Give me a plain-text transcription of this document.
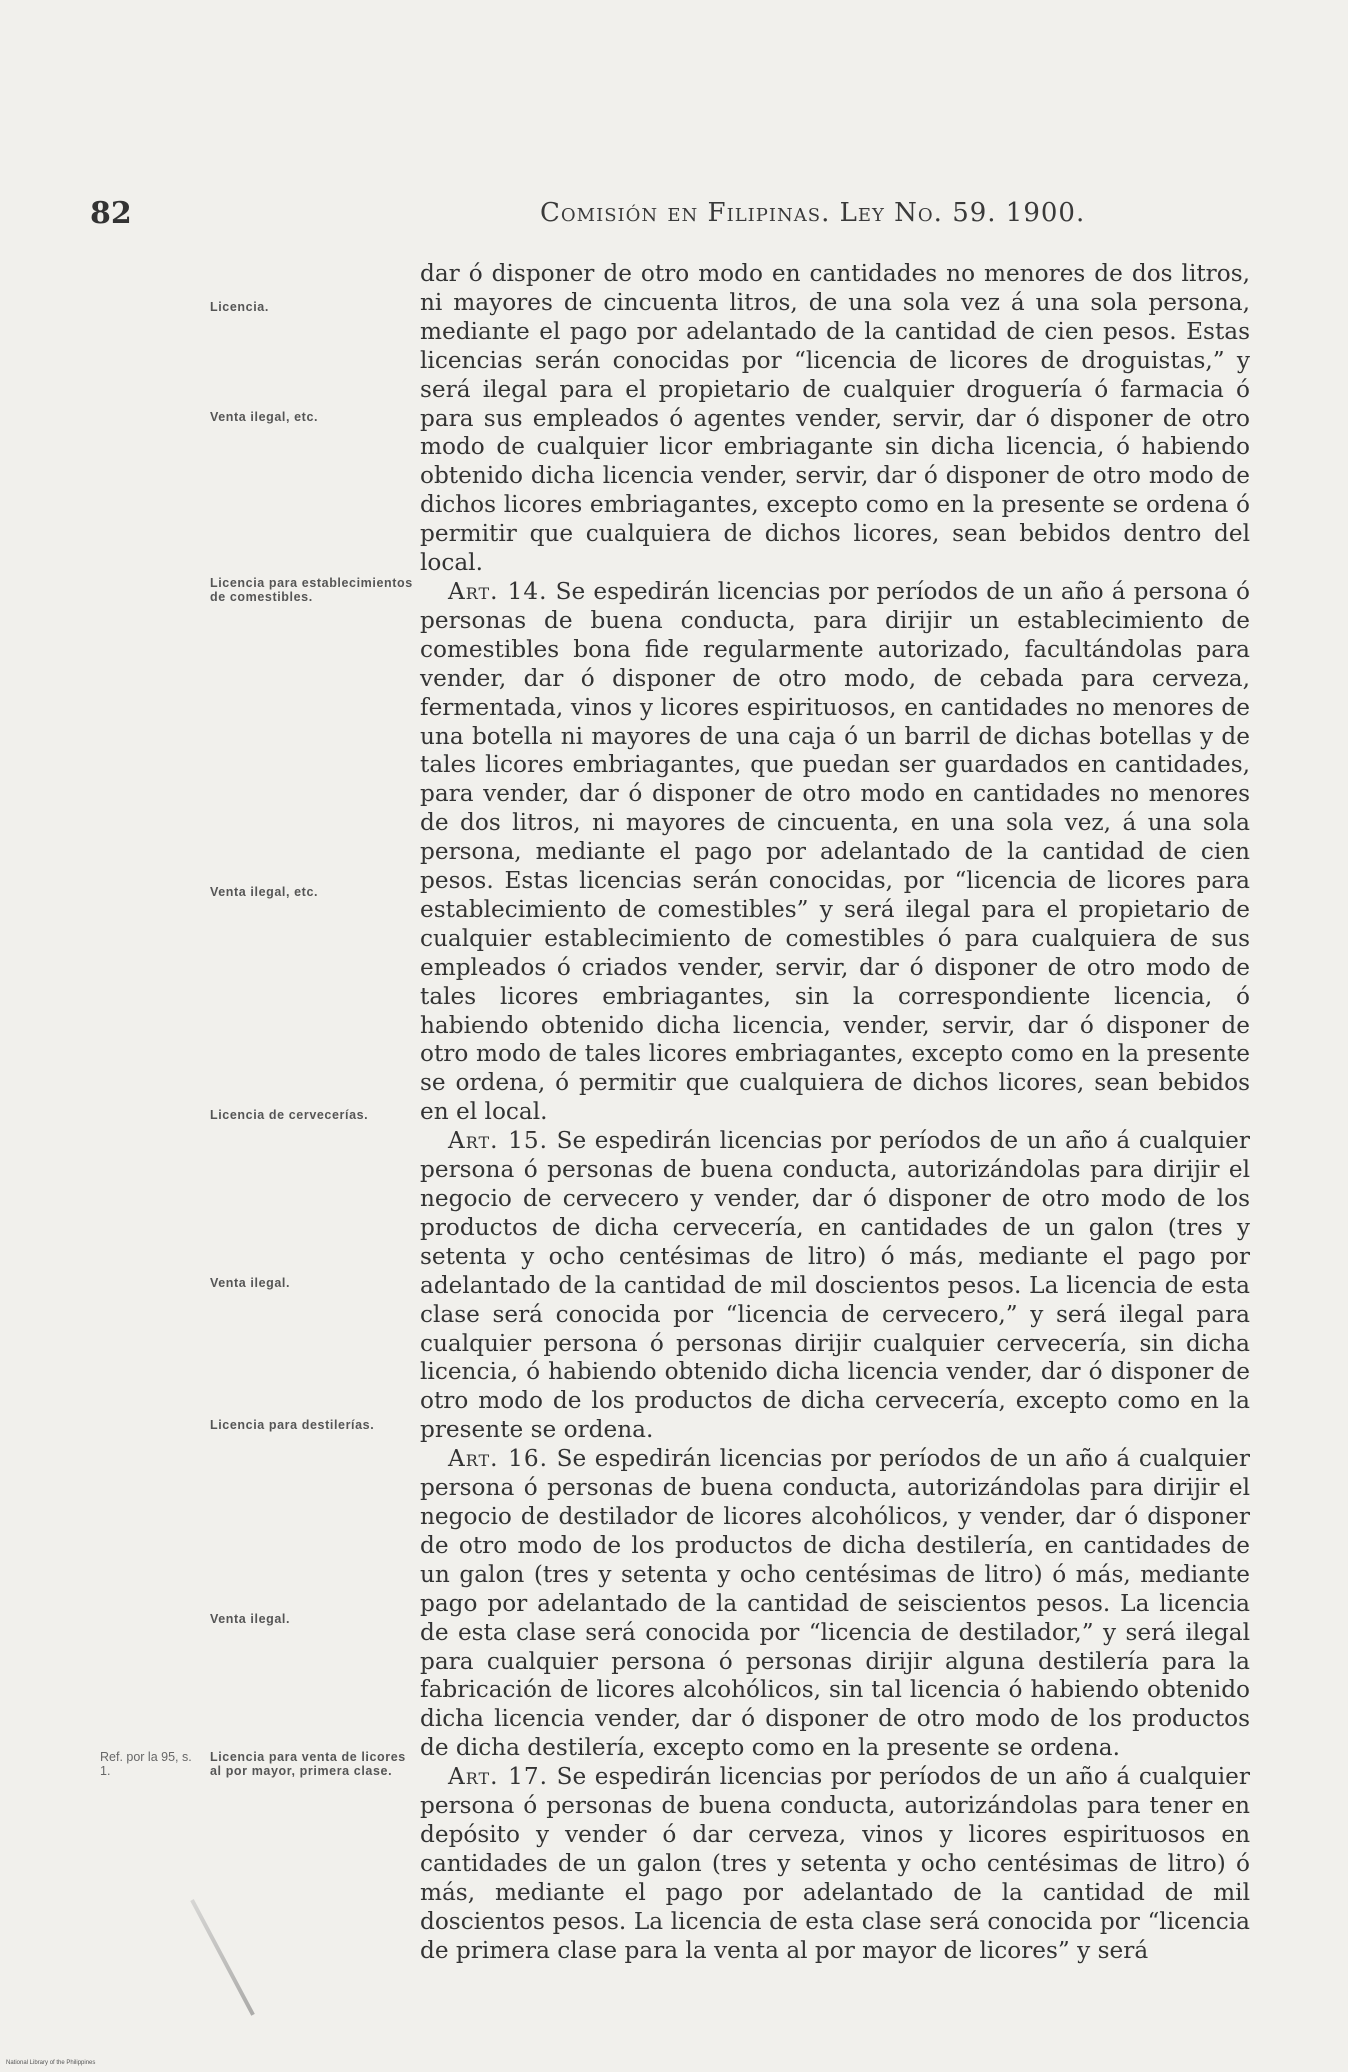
82	Comisión en Filipinas. Ley No. 59. 1900.
Licencia.
Venta ilegal, etc.
Licencia para establecimientos de comestibles.
Venta ilegal, etc.
Licencia de cervecerías.
Venta ilegal.
Licencia para destilerías.
Venta ilegal.
Licencia para venta de licores al por mayor, primera clase.
Ref. por la 95, s. 1.

dar ó disponer de otro modo en cantidades no menores de dos litros, ni mayores de cincuenta litros, de una sola vez á una sola persona, mediante el pago por adelantado de la cantidad de cien pesos. Estas licencias serán conocidas por “licencia de licores de droguistas,” y será ilegal para el propietario de cualquier droguería ó farmacia ó para sus empleados ó agentes vender, servir, dar ó disponer de otro modo de cualquier licor embriagante sin dicha licencia, ó habiendo obtenido dicha licencia vender, servir, dar ó disponer de otro modo de dichos licores embriagantes, excepto como en la presente se ordena ó permitir que cualquiera de dichos licores, sean bebidos dentro del local.

Art. 14. Se espedirán licencias por períodos de un año á persona ó personas de buena conducta, para dirijir un establecimiento de comestibles bona fide regularmente autorizado, facultándolas para vender, dar ó disponer de otro modo, de cebada para cerveza, fermentada, vinos y licores espirituosos, en cantidades no menores de una botella ni mayores de una caja ó un barril de dichas botellas y de tales licores embriagantes, que puedan ser guardados en cantidades, para vender, dar ó disponer de otro modo en cantidades no menores de dos litros, ni mayores de cincuenta, en una sola vez, á una sola persona, mediante el pago por adelantado de la cantidad de cien pesos. Estas licencias serán conocidas, por “licencia de licores para establecimiento de comestibles” y será ilegal para el propietario de cualquier establecimiento de comestibles ó para cualquiera de sus empleados ó criados vender, servir, dar ó disponer de otro modo de tales licores embriagantes, sin la correspondiente licencia, ó habiendo obtenido dicha licencia, vender, servir, dar ó disponer de otro modo de tales licores embriagantes, excepto como en la presente se ordena, ó permitir que cualquiera de dichos licores, sean bebidos en el local.

Art. 15. Se espedirán licencias por períodos de un año á cualquier persona ó personas de buena conducta, autorizándolas para dirijir el negocio de cervecero y vender, dar ó disponer de otro modo de los productos de dicha cervecería, en cantidades de un galon (tres y setenta y ocho centésimas de litro) ó más, mediante el pago por adelantado de la cantidad de mil doscientos pesos. La licencia de esta clase será conocida por “licencia de cervecero,” y será ilegal para cualquier persona ó personas dirijir cualquier cervecería, sin dicha licencia, ó habiendo obtenido dicha licencia vender, dar ó disponer de otro modo de los productos de dicha cervecería, excepto como en la presente se ordena.

Art. 16. Se espedirán licencias por períodos de un año á cualquier persona ó personas de buena conducta, autorizándolas para dirijir el negocio de destilador de licores alcohólicos, y vender, dar ó disponer de otro modo de los productos de dicha destilería, en cantidades de un galon (tres y setenta y ocho centésimas de litro) ó más, mediante pago por adelantado de la cantidad de seiscientos pesos. La licencia de esta clase será conocida por “licencia de destilador,” y será ilegal para cualquier persona ó personas dirijir alguna destilería para la fabricación de licores alcohólicos, sin tal licencia ó habiendo obtenido dicha licencia vender, dar ó disponer de otro modo de los productos de dicha destilería, excepto como en la presente se ordena.

Art. 17. Se espedirán licencias por períodos de un año á cualquier persona ó personas de buena conducta, autorizándolas para tener en depósito y vender ó dar cerveza, vinos y licores espirituosos en cantidades de un galon (tres y setenta y ocho centésimas de litro) ó más, mediante el pago por adelantado de la cantidad de mil doscientos pesos. La licencia de esta clase será conocida por “licencia de primera clase para la venta al por mayor de licores” y será

National Library of the Philippines
